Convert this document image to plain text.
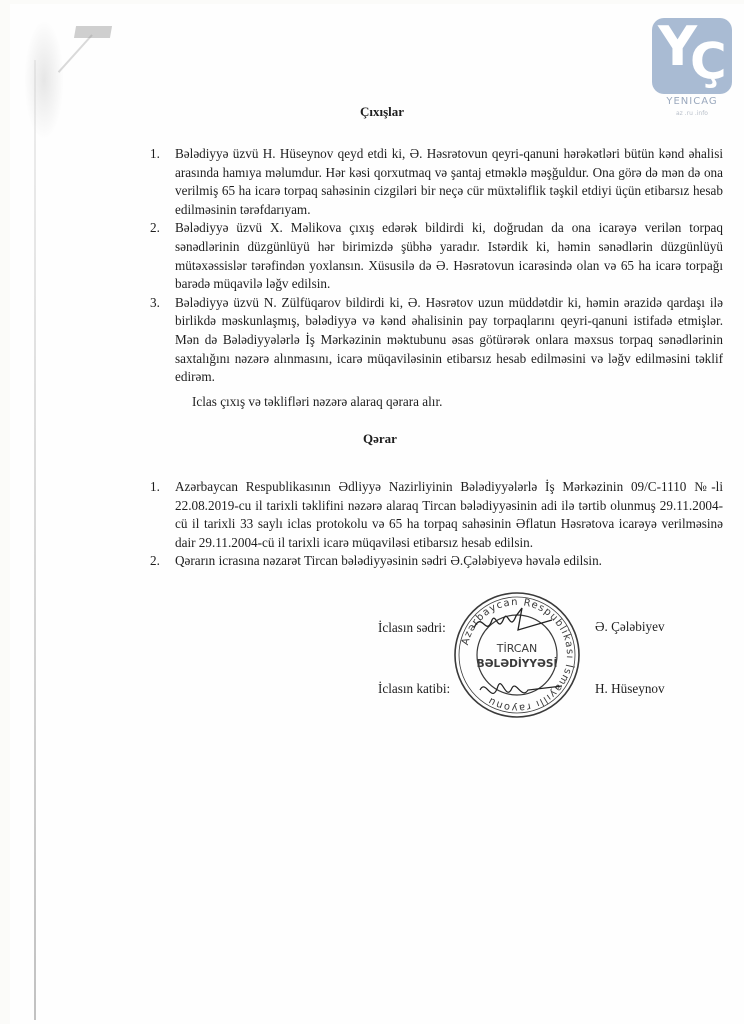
Y
Ç
YENICAG
az .ru .info
Çıxışlar
1. Bələdiyyə üzvü H. Hüseynov qeyd etdi ki, Ə. Həsrətovun qeyri-qanuni hərəkətləri bütün kənd əhalisi arasında hamıya məlumdur. Hər kəsi qorxutmaq və şantaj etməklə məşğuldur. Ona görə də mən də ona verilmiş 65 ha icarə torpaq sahəsinin cizgiləri bir neçə cür müxtəliflik təşkil etdiyi üçün etibarsız hesab edilməsinin tərəfdarıyam.
2. Bələdiyyə üzvü X. Məlikova çıxış edərək bildirdi ki, doğrudan da ona icarəyə verilən torpaq sənədlərinin düzgünlüyü hər birimizdə şübhə yaradır. Istərdik ki, həmin sənədlərin düzgünlüyü mütəxəssislər tərəfindən yoxlansın. Xüsusilə də Ə. Həsrətovun icarəsində olan və 65 ha icarə torpağı barədə müqavilə ləğv edilsin.
3. Bələdiyyə üzvü N. Zülfüqarov bildirdi ki, Ə. Həsrətov uzun müddətdir ki, həmin ərazidə qardaşı ilə birlikdə məskunlaşmış, bələdiyyə və kənd əhalisinin pay torpaqlarını qeyri-qanuni istifadə etmişlər. Mən də Bələdiyyələrlə İş Mərkəzinin məktubunu əsas götürərək onlara məxsus torpaq sənədlərinin saxtalığını nəzərə alınmasını, icarə müqaviləsinin etibarsız hesab edilməsini və ləğv edilməsini təklif edirəm.
Iclas çıxış və təklifləri nəzərə alaraq qərara alır.
Qərar
1. Azərbaycan Respublikasının Ədliyyə Nazirliyinin Bələdiyyələrlə İş Mərkəzinin 09/C-1110 №-li 22.08.2019-cu il tarixli təklifini nəzərə alaraq Tircan bələdiyyəsinin adi ilə tərtib olunmuş 29.11.2004-cü il tarixli 33 saylı iclas protokolu və 65 ha torpaq sahəsinin Əflatun Həsrətova icarəyə verilməsinə dair 29.11.2004-cü il tarixli icarə müqaviləsi etibarsız hesab edilsin.
2. Qərarın icrasına nəzarət Tircan bələdiyyəsinin sədri Ə.Çələbiyevə həvalə edilsin.
İclasın sədri:	Ə. Çələbiyev
İclasın katibi:	H. Hüseynov
Azərbaycan Respublikası İsmayıllı rayonu
TİRCAN
BƏLƏDİYYƏSİ
